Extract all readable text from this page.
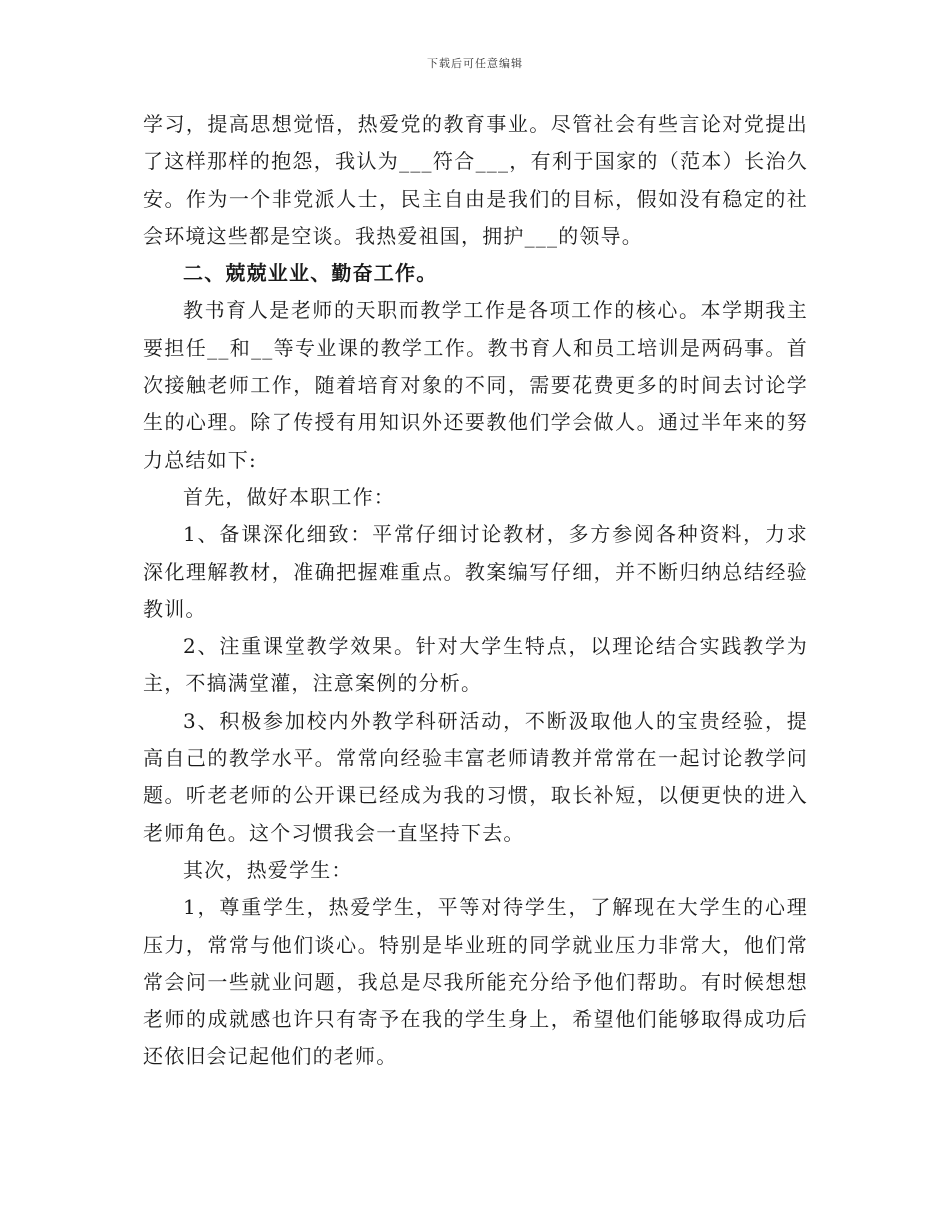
下载后可任意编辑

学习，提高思想觉悟，热爱党的教育事业。尽管社会有些言论对党提出了这样那样的抱怨，我认为___符合___，有利于国家的（范本）长治久安。作为一个非党派人士，民主自由是我们的目标，假如没有稳定的社会环境这些都是空谈。我热爱祖国，拥护___的领导。

二、兢兢业业、勤奋工作。

教书育人是老师的天职而教学工作是各项工作的核心。本学期我主要担任__和__等专业课的教学工作。教书育人和员工培训是两码事。首次接触老师工作，随着培育对象的不同，需要花费更多的时间去讨论学生的心理。除了传授有用知识外还要教他们学会做人。通过半年来的努力总结如下:

首先，做好本职工作：

1、备课深化细致：平常仔细讨论教材，多方参阅各种资料，力求深化理解教材，准确把握难重点。教案编写仔细，并不断归纳总结经验教训。

2、注重课堂教学效果。针对大学生特点，以理论结合实践教学为主，不搞满堂灌，注意案例的分析。

3、积极参加校内外教学科研活动，不断汲取他人的宝贵经验，提高自己的教学水平。常常向经验丰富老师请教并常常在一起讨论教学问题。听老老师的公开课已经成为我的习惯，取长补短，以便更快的进入老师角色。这个习惯我会一直坚持下去。

其次，热爱学生：

1，尊重学生，热爱学生，平等对待学生，了解现在大学生的心理压力，常常与他们谈心。特别是毕业班的同学就业压力非常大，他们常常会问一些就业问题，我总是尽我所能充分给予他们帮助。有时候想想老师的成就感也许只有寄予在我的学生身上，希望他们能够取得成功后还依旧会记起他们的老师。
